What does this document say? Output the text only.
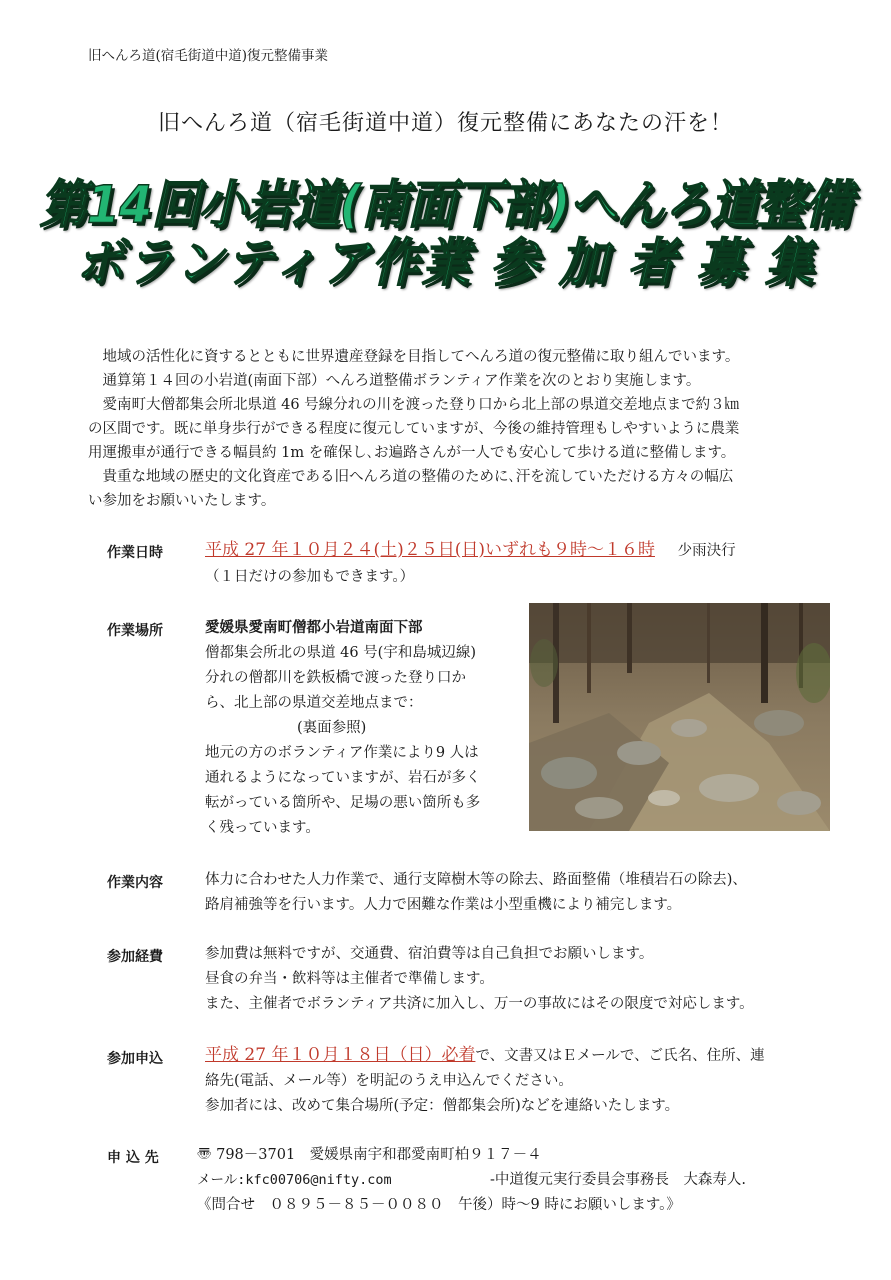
旧へんろ道(宿毛街道中道)復元整備事業
旧へんろ道（宿毛街道中道）復元整備にあなたの汗を！
第14回小岩道(南面下部)へんろ道整備
ボランティア作業 参 加 者 募 集

地域の活性化に資するとともに世界遺産登録を目指してへんろ道の復元整備に取り組んでいます。

通算第１４回の小岩道(南面下部）へんろ道整備ボランティア作業を次のとおり実施します。

愛南町大僧都集会所北県道 46 号線分れの川を渡った登り口から北上部の県道交差地点まで約３㎞

の区間です。既に単身歩行ができる程度に復元していますが、今後の維持管理もしやすいように農業

用運搬車が通行できる幅員約 1m を確保し､お遍路さんが一人でも安心して歩ける道に整備します。

貴重な地域の歴史的文化資産である旧へんろ道の整備のために､汗を流していただける方々の幅広

い参加をお願いいたします。

作業日時 平成 27 年１０月２４(土)２５日(日)いずれも９時～１６時 少雨決行
（１日だけの参加もできます。）
作業場所	愛媛県愛南町僧都小岩道南面下部
僧都集会所北の県道 46 号(宇和島城辺線)
分れの僧都川を鉄板橋で渡った登り口か
ら、北上部の県道交差地点まで：
(裏面参照)
地元の方のボランティア作業により9 人は
通れるようになっていますが、岩石が多く
転がっている箇所や、足場の悪い箇所も多
く残っています。
作業内容	体力に合わせた人力作業で、通行支障樹木等の除去、路面整備（堆積岩石の除去)、
路肩補強等を行います。人力で困難な作業は小型重機により補完します。
参加経費	参加費は無料ですが、交通費、宿泊費等は自己負担でお願いします。
昼食の弁当・飲料等は主催者で準備します。
また、主催者でボランティア共済に加入し、万一の事故にはその限度で対応します。
参加申込 平成 27 年１０月１８日（日）必着で、文書又はＥメールで、ご氏名、住所、連
絡先(電話、メール等）を明記のうえ申込んでください。
参加者には、改めて集合場所(予定：僧都集会所)などを連絡いたします。
申 込 先	〠 798－3701　愛媛県南宇和郡愛南町柏９１７－４
メール:kfc00706@nifty.com	-中道復元実行委員会事務長　大森寿人.
《問合せ　０８９５－８５－００８０　午後）時～9 時にお願いします。》
